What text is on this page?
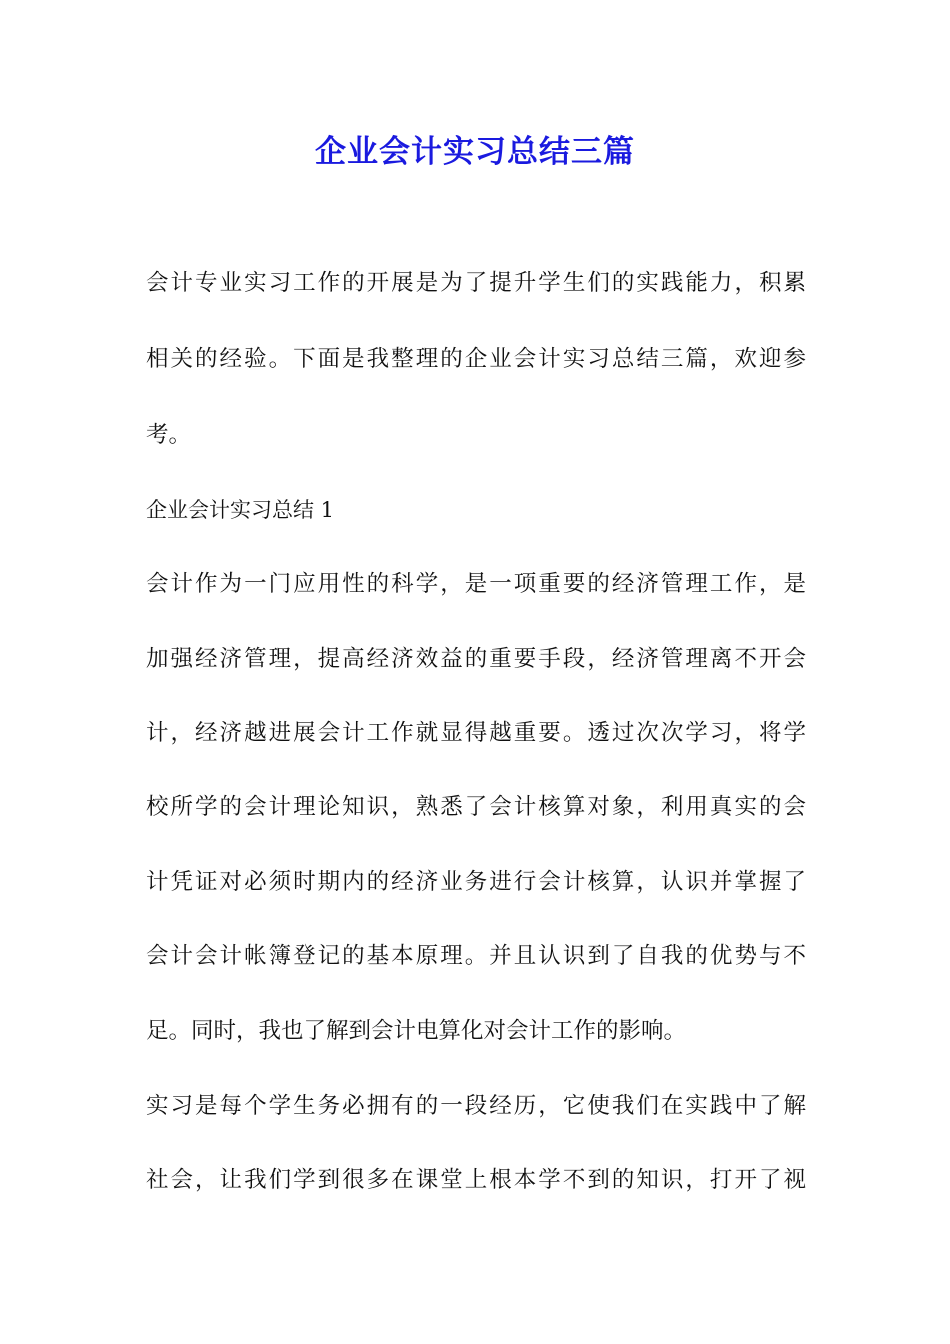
企业会计实习总结三篇

会计专业实习工作的开展是为了提升学生们的实践能力，积累

相关的经验。下面是我整理的企业会计实习总结三篇，欢迎参

考。

企业会计实习总结 1

会计作为一门应用性的科学，是一项重要的经济管理工作，是

加强经济管理，提高经济效益的重要手段，经济管理离不开会

计，经济越进展会计工作就显得越重要。透过次次学习，将学

校所学的会计理论知识，熟悉了会计核算对象，利用真实的会

计凭证对必须时期内的经济业务进行会计核算，认识并掌握了

会计会计帐簿登记的基本原理。并且认识到了自我的优势与不

足。同时，我也了解到会计电算化对会计工作的影响。

实习是每个学生务必拥有的一段经历，它使我们在实践中了解

社会，让我们学到很多在课堂上根本学不到的知识，打开了视
